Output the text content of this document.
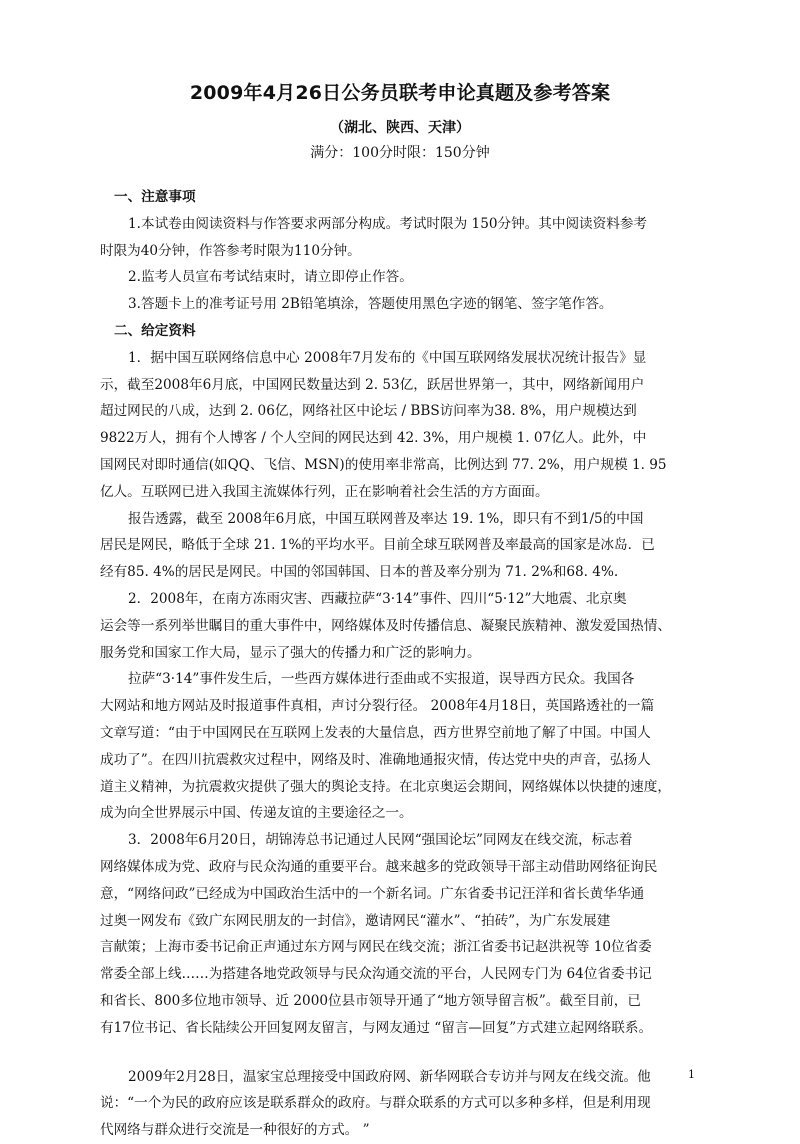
2009年4月26日公务员联考申论真题及参考答案
（湖北、陕西、天津）
满分：100分时限：150分钟
一、注意事项
1.本试卷由阅读资料与作答要求两部分构成。考试时限为 150分钟。其中阅读资料参考
时限为40分钟，作答参考时限为110分钟。
2.监考人员宣布考试结束时，请立即停止作答。
3.答题卡上的准考证号用 2B铅笔填涂，答题使用黑色字迹的钢笔、签字笔作答。
二、给定资料
1．据中国互联网络信息中心 2008年7月发布的《中国互联网络发展状况统计报告》显
示，截至2008年6月底，中国网民数量达到 2. 53亿，跃居世界第一，其中，网络新闻用户
超过网民的八成，达到 2. 06亿，网络社区中论坛 / BBS访问率为38. 8%，用户规模达到
9822万人，拥有个人博客 / 个人空间的网民达到 42. 3%，用户规模 1. 07亿人。此外，中
国网民对即时通信(如QQ、飞信、MSN)的使用率非常高，比例达到 77. 2%，用户规模 1. 95
亿人。互联网已进入我国主流媒体行列，正在影响着社会生活的方方面面。
报告透露，截至 2008年6月底，中国互联网普及率达 19. 1%，即只有不到1/5的中国
居民是网民，略低于全球 21. 1%的平均水平。目前全球互联网普及率最高的国家是冰岛．已
经有85. 4%的居民是网民。中国的邻国韩国、日本的普及率分别为 71. 2%和68. 4%.
2．2008年，在南方冻雨灾害、西藏拉萨“3·14”事件、四川“5·12”大地震、北京奥
运会等一系列举世瞩目的重大事件中，网络媒体及时传播信息、凝聚民族精神、激发爱国热情、
服务党和国家工作大局，显示了强大的传播力和广泛的影响力。
拉萨“3·14”事件发生后，一些西方媒体进行歪曲或不实报道，误导西方民众。我国各
大网站和地方网站及时报道事件真相，声讨分裂行径。 2008年4月18日，英国路透社的一篇
文章写道：“由于中国网民在互联网上发表的大量信息，西方世界空前地了解了中国。中国人
成功了”。在四川抗震救灾过程中，网络及时、准确地通报灾情，传达党中央的声音，弘扬人
道主义精神，为抗震救灾提供了强大的舆论支持。在北京奥运会期间，网络媒体以快捷的速度，
成为向全世界展示中国、传递友谊的主要途径之一。
3．2008年6月20日，胡锦涛总书记通过人民网“强国论坛”同网友在线交流，标志着
网络媒体成为党、政府与民众沟通的重要平台。越来越多的党政领导干部主动借助网络征询民
意，“网络问政”已经成为中国政治生活中的一个新名词。广东省委书记汪洋和省长黄华华通
过奥一网发布《致广东网民朋友的一封信》，邀请网民“灌水”、“拍砖”，为广东发展建
言献策；上海市委书记俞正声通过东方网与网民在线交流；浙江省委书记赵洪祝等 10位省委
常委全部上线……为搭建各地党政领导与民众沟通交流的平台，人民网专门为 64位省委书记
和省长、800多位地市领导、近 2000位县市领导开通了“地方领导留言板”。截至目前，已
有17位书记、省长陆续公开回复网友留言，与网友通过 “留言—回复”方式建立起网络联系。
2009年2月28日，温家宝总理接受中国政府网、新华网联合专访并与网友在线交流。他
说：“一个为民的政府应该是联系群众的政府。与群众联系的方式可以多种多样，但是利用现
代网络与群众进行交流是一种很好的方式。 ”
1
